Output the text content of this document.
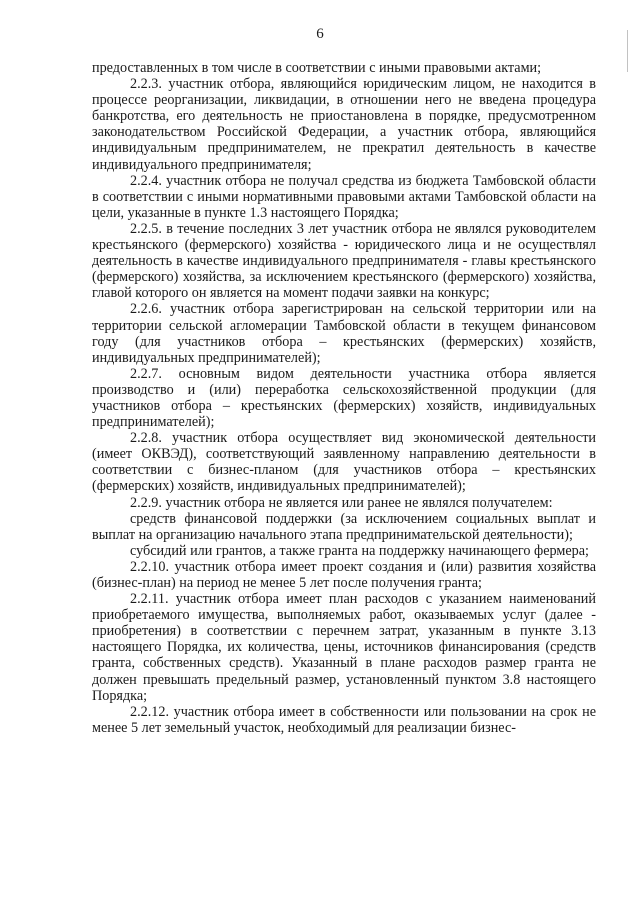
6

предоставленных в том числе в соответствии с иными правовыми актами;

2.2.3. участник отбора, являющийся юридическим лицом, не находится в процессе реорганизации, ликвидации, в отношении него не введена процедура банкротства, его деятельность не приостановлена в порядке, предусмотренном законодательством Российской Федерации, а участник отбора, являющийся индивидуальным предпринимателем, не прекратил деятельность в качестве индивидуального предпринимателя;

2.2.4. участник отбора не получал средства из бюджета Тамбовской области в соответствии с иными нормативными правовыми актами Тамбовской области на цели, указанные в пункте 1.3 настоящего Порядка;

2.2.5. в течение последних 3 лет участник отбора не являлся руководителем крестьянского (фермерского) хозяйства - юридического лица и не осуществлял деятельность в качестве индивидуального предпринимателя - главы крестьянского (фермерского) хозяйства, за исключением крестьянского (фермерского) хозяйства, главой которого он является на момент подачи заявки на конкурс;

2.2.6. участник отбора зарегистрирован на сельской территории или на территории сельской агломерации Тамбовской области в текущем финансовом году (для участников отбора – крестьянских (фермерских) хозяйств, индивидуальных предпринимателей);

2.2.7. основным видом деятельности участника отбора является производство и (или) переработка сельскохозяйственной продукции (для участников отбора – крестьянских (фермерских) хозяйств, индивидуальных предпринимателей);

2.2.8. участник отбора осуществляет вид экономической деятельности (имеет ОКВЭД), соответствующий заявленному направлению деятельности в соответствии с бизнес-планом (для участников отбора – крестьянских (фермерских) хозяйств, индивидуальных предпринимателей);

2.2.9. участник отбора не является или ранее не являлся получателем:

средств финансовой поддержки (за исключением социальных выплат и выплат на организацию начального этапа предпринимательской деятельности);

субсидий или грантов, а также гранта на поддержку начинающего фермера;

2.2.10. участник отбора имеет проект создания и (или) развития хозяйства (бизнес-план) на период не менее 5 лет после получения гранта;

2.2.11. участник отбора имеет план расходов с указанием наименований приобретаемого имущества, выполняемых работ, оказываемых услуг (далее - приобретения) в соответствии с перечнем затрат, указанным в пункте 3.13 настоящего Порядка, их количества, цены, источников финансирования (средств гранта, собственных средств). Указанный в плане расходов размер гранта не должен превышать предельный размер, установленный пунктом 3.8 настоящего Порядка;

2.2.12. участник отбора имеет в собственности или пользовании на срок не менее 5 лет земельный участок, необходимый для реализации бизнес-
